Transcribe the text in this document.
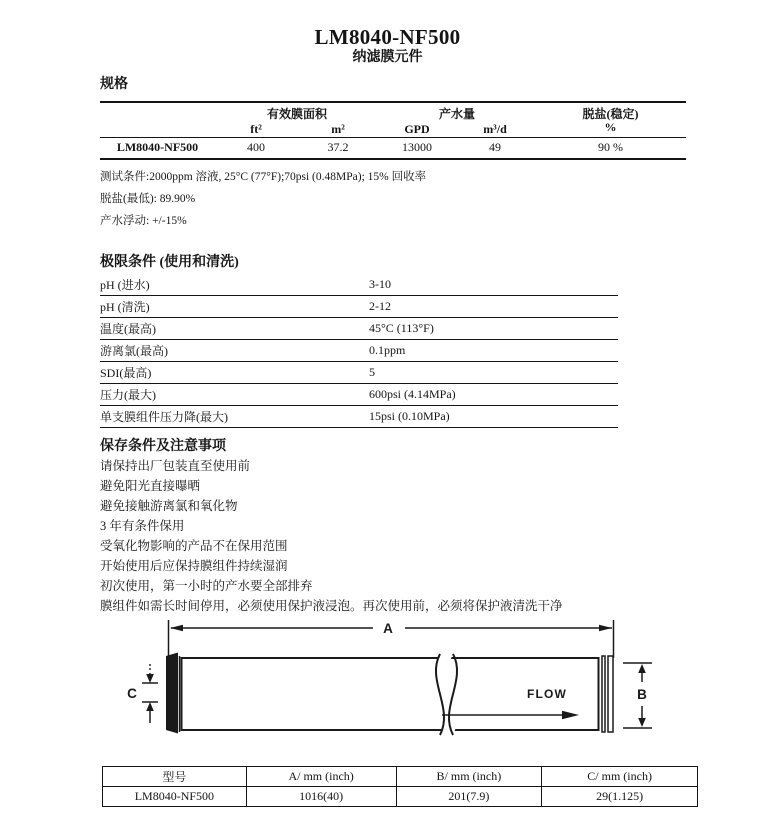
LM8040-NF500
纳滤膜元件
规格
	有效膜面积		产水量		脱盐(稳定)
%
	ft²	m²	GPD	m³/d	
LM8040-NF500	400	37.2	13000	49	90 %
测试条件:2000ppm 溶液, 25°C (77°F);70psi (0.48MPa); 15% 回收率
脱盐(最低): 89.90%
产水浮动: +/-15%
极限条件 (使用和清洗)
pH (进水)	3-10
pH (清洗)	2-12
温度(最高)	45°C (113°F)
游离氯(最高)	0.1ppm
SDI(最高)	5
压力(最大)	600psi (4.14MPa)
单支膜组件压力降(最大)	15psi (0.10MPa)
保存条件及注意事项
请保持出厂包装直至使用前
避免阳光直接曝晒
避免接触游离氯和氧化物
3 年有条件保用
受氧化物影响的产品不在保用范围
开始使用后应保持膜组件持续湿润
初次使用，第一小时的产水要全部排弃
膜组件如需长时间停用，必须使用保护液浸泡。再次使用前，必须将保护液清洗干净
A
C	FLOW	B
型号	A/ mm (inch)	B/ mm (inch)	C/ mm (inch)
LM8040-NF500	1016(40)	201(7.9)	29(1.125)
